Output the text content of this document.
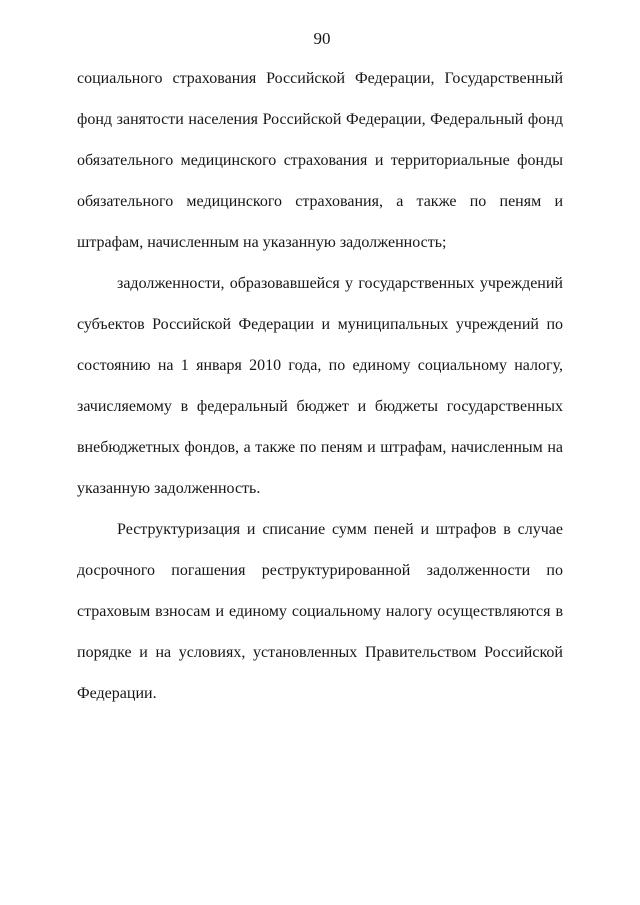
90
социального страхования Российской Федерации, Государственный
фонд занятости населения Российской Федерации, Федеральный фонд
обязательного медицинского страхования и территориальные фонды
обязательного медицинского страхования, а также по пеням и
штрафам, начисленным на указанную задолженность;
задолженности, образовавшейся у государственных учреждений
субъектов Российской Федерации и муниципальных учреждений по
состоянию на 1 января 2010 года, по единому социальному налогу,
зачисляемому в федеральный бюджет и бюджеты государственных
внебюджетных фондов, а также по пеням и штрафам, начисленным на
указанную задолженность.
Реструктуризация и списание сумм пеней и штрафов в случае
досрочного погашения реструктурированной задолженности по
страховым взносам и единому социальному налогу осуществляются в
порядке и на условиях, установленных Правительством Российской
Федерации.
